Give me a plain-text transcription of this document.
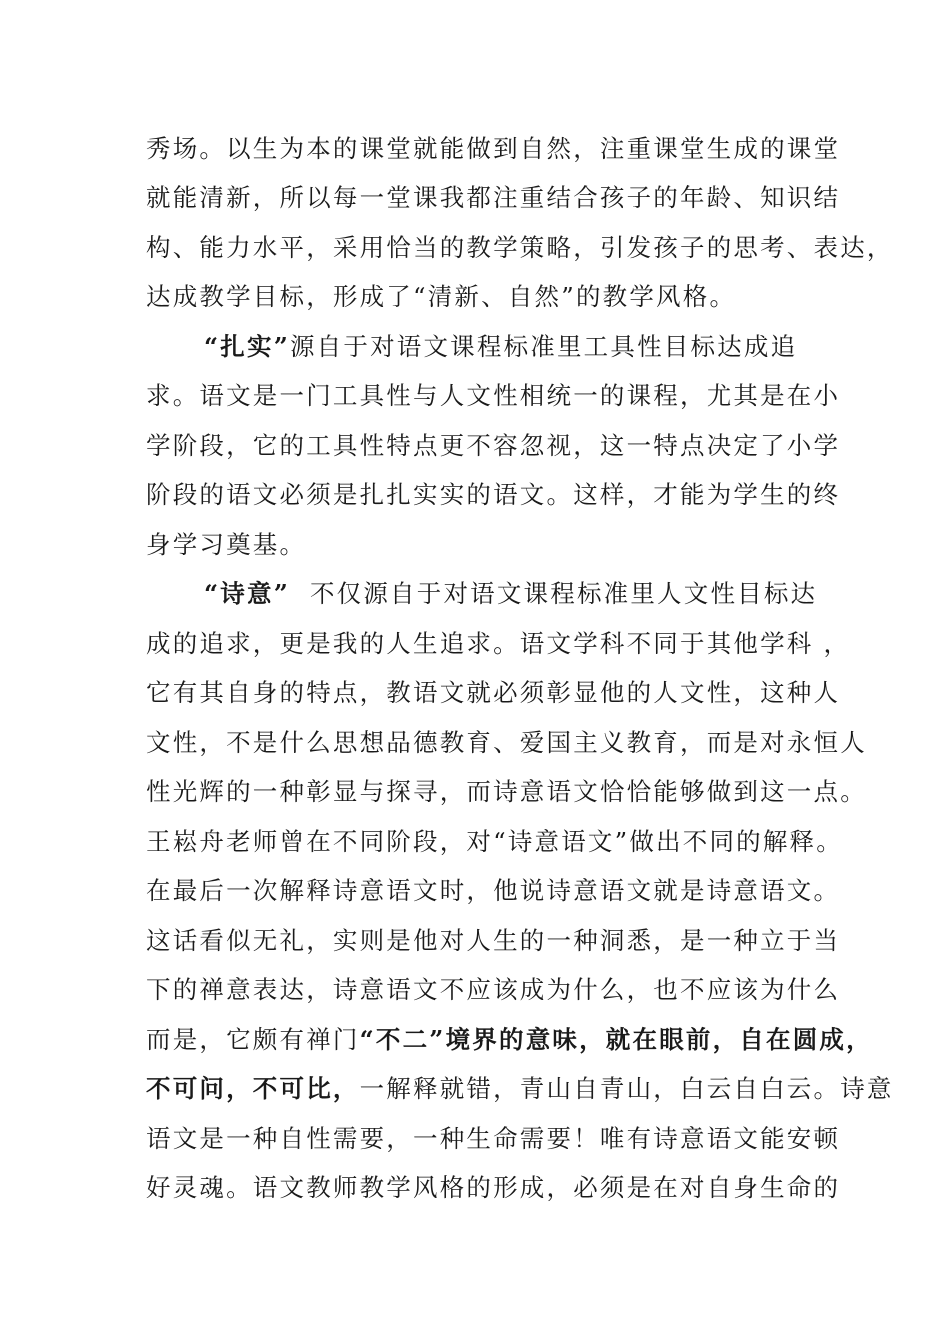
秀场。以生为本的课堂就能做到自然，注重课堂生成的课堂
就能清新，所以每一堂课我都注重结合孩子的年龄、知识结
构、能力水平，采用恰当的教学策略，引发孩子的思考、表达，
达成教学目标，形成了“清新、自然”的教学风格。
“扎实”源自于对语文课程标准里工具性目标达成追
求。语文是一门工具性与人文性相统一的课程，尤其是在小
学阶段，它的工具性特点更不容忽视，这一特点决定了小学
阶段的语文必须是扎扎实实的语文。这样，才能为学生的终
身学习奠基。
“诗意”  不仅源自于对语文课程标准里人文性目标达
成的追求，更是我的人生追求。语文学科不同于其他学科 ，
它有其自身的特点，教语文就必须彰显他的人文性，这种人
文性，不是什么思想品德教育、爱国主义教育，而是对永恒人
性光辉的一种彰显与探寻，而诗意语文恰恰能够做到这一点。
王崧舟老师曾在不同阶段，对“诗意语文”做出不同的解释。
在最后一次解释诗意语文时，他说诗意语文就是诗意语文。
这话看似无礼，实则是他对人生的一种洞悉，是一种立于当
下的禅意表达，诗意语文不应该成为什么，也不应该为什么
而是，它颇有禅门“不二”境界的意味，就在眼前，自在圆成，
不可问，不可比，一解释就错，青山自青山，白云自白云。诗意
语文是一种自性需要，一种生命需要！唯有诗意语文能安顿
好灵魂。语文教师教学风格的形成，必须是在对自身生命的
